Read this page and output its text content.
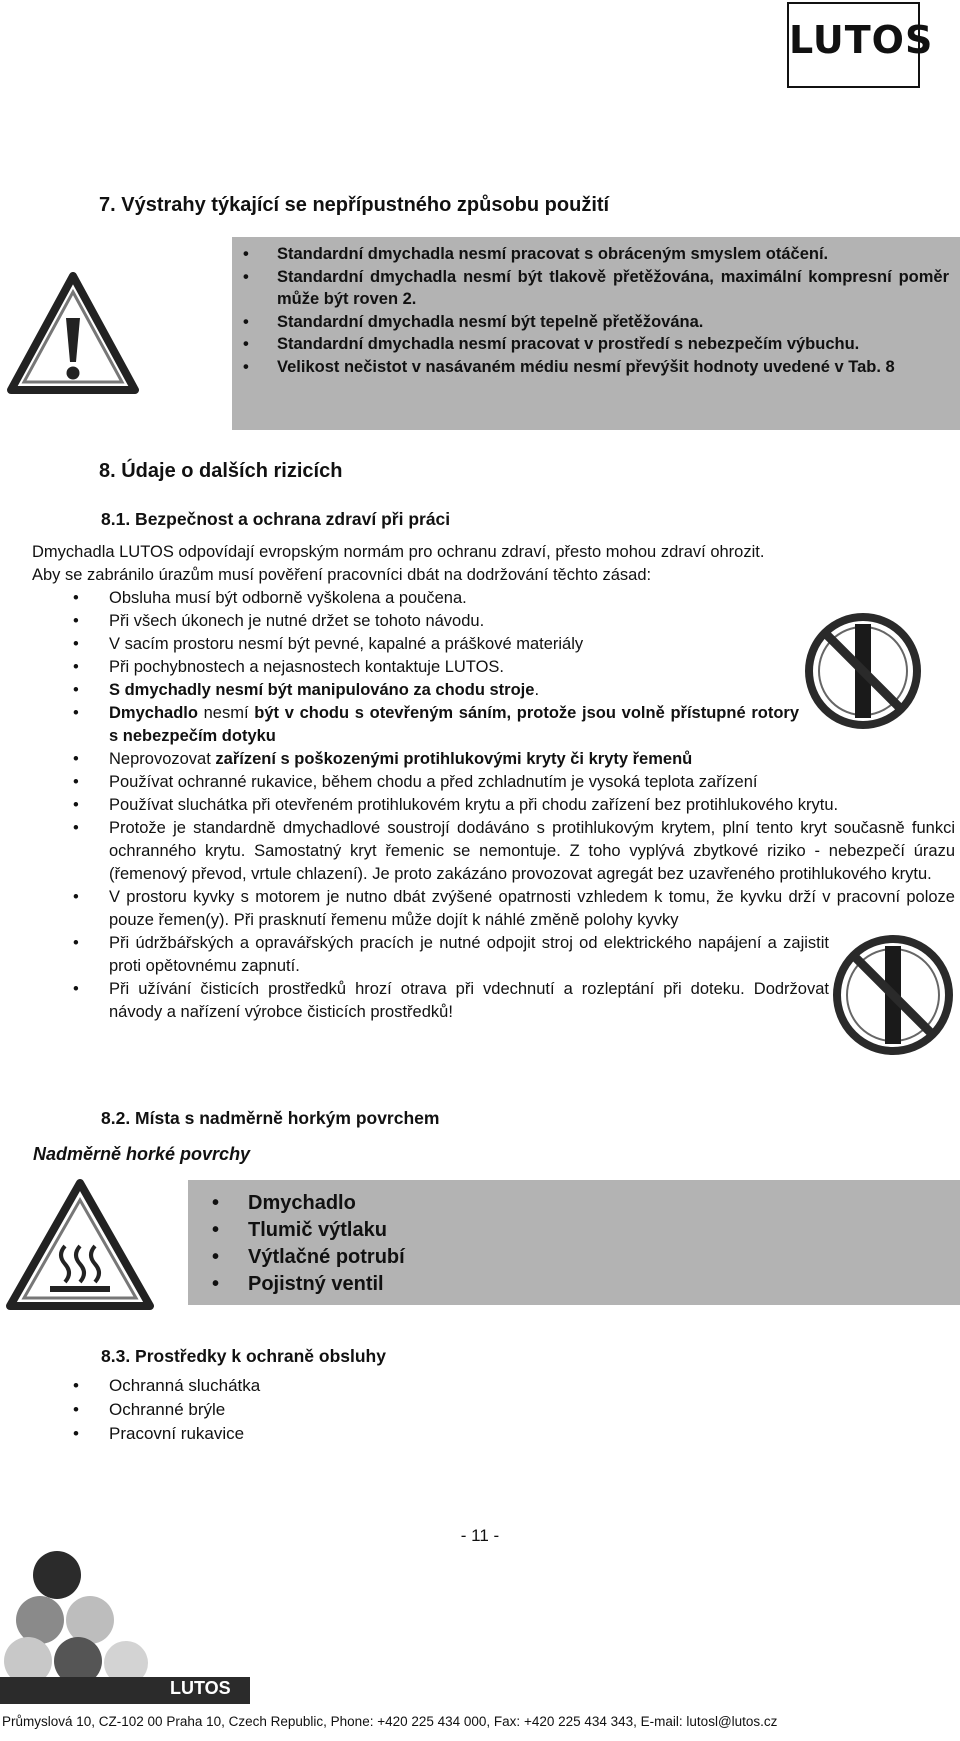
LUTOS
7. Výstrahy týkající se nepřípustného způsobu použití
• Standardní dmychadla nesmí pracovat s obráceným smyslem otáčení.
• Standardní dmychadla nesmí být tlakově přetěžována, maximální kompresní poměr může být roven 2.
• Standardní dmychadla nesmí být tepelně přetěžována.
• Standardní dmychadla nesmí pracovat v prostředí s nebezpečím výbuchu.
• Velikost nečistot v nasávaném médiu nesmí převýšit hodnoty uvedené v Tab. 8
8. Údaje o dalších rizicích
8.1. Bezpečnost a ochrana zdraví při práci
Dmychadla LUTOS odpovídají evropským normám pro ochranu zdraví, přesto mohou zdraví ohrozit.
Aby se zabránilo úrazům musí pověření pracovníci dbát na dodržování těchto zásad:
• Obsluha musí být odborně vyškolena a poučena.
• Při všech úkonech je nutné držet se tohoto návodu.
• V sacím prostoru nesmí být pevné, kapalné a práškové materiály
• Při pochybnostech a nejasnostech kontaktuje LUTOS.
• S dmychadly nesmí být manipulováno za chodu stroje.
• Dmychadlo nesmí být v chodu s otevřeným sáním, protože jsou volně přístupné rotory s nebezpečím dotyku
• Neprovozovat zařízení s poškozenými protihlukovými kryty či kryty řemenů
• Používat ochranné rukavice, během chodu a před zchladnutím je vysoká teplota zařízení
• Používat sluchátka při otevřeném protihlukovém krytu a při chodu zařízení bez protihlukového krytu.
• Protože je standardně dmychadlové soustrojí dodáváno s protihlukovým krytem, plní tento kryt současně funkci ochranného krytu. Samostatný kryt řemenic se nemontuje. Z toho vyplývá zbytkové riziko - nebezpečí úrazu (řemenový převod, vrtule chlazení). Je proto zakázáno provozovat agregát bez uzavřeného protihlukového krytu.
• V prostoru kyvky s motorem je nutno dbát zvýšené opatrnosti vzhledem k tomu, že kyvku drží v pracovní poloze pouze řemen(y). Při prasknutí řemenu může dojít k náhlé změně polohy kyvky
• Při údržbářských a opravářských pracích je nutné odpojit stroj od elektrického napájení a zajistit proti opětovnému zapnutí.
• Při užívání čisticích prostředků hrozí otrava při vdechnutí a rozleptání při doteku. Dodržovat návody a nařízení výrobce čisticích prostředků!
8.2. Místa s nadměrně horkým povrchem
Nadměrně horké povrchy
• Dmychadlo
• Tlumič výtlaku
• Výtlačné potrubí
• Pojistný ventil
8.3. Prostředky k ochraně obsluhy
• Ochranná sluchátka
• Ochranné brýle
• Pracovní rukavice
- 11 -
LUTOS
Průmyslová 10, CZ-102 00 Praha 10, Czech Republic, Phone: +420 225 434 000, Fax: +420 225 434 343, E-mail: lutosl@lutos.cz
